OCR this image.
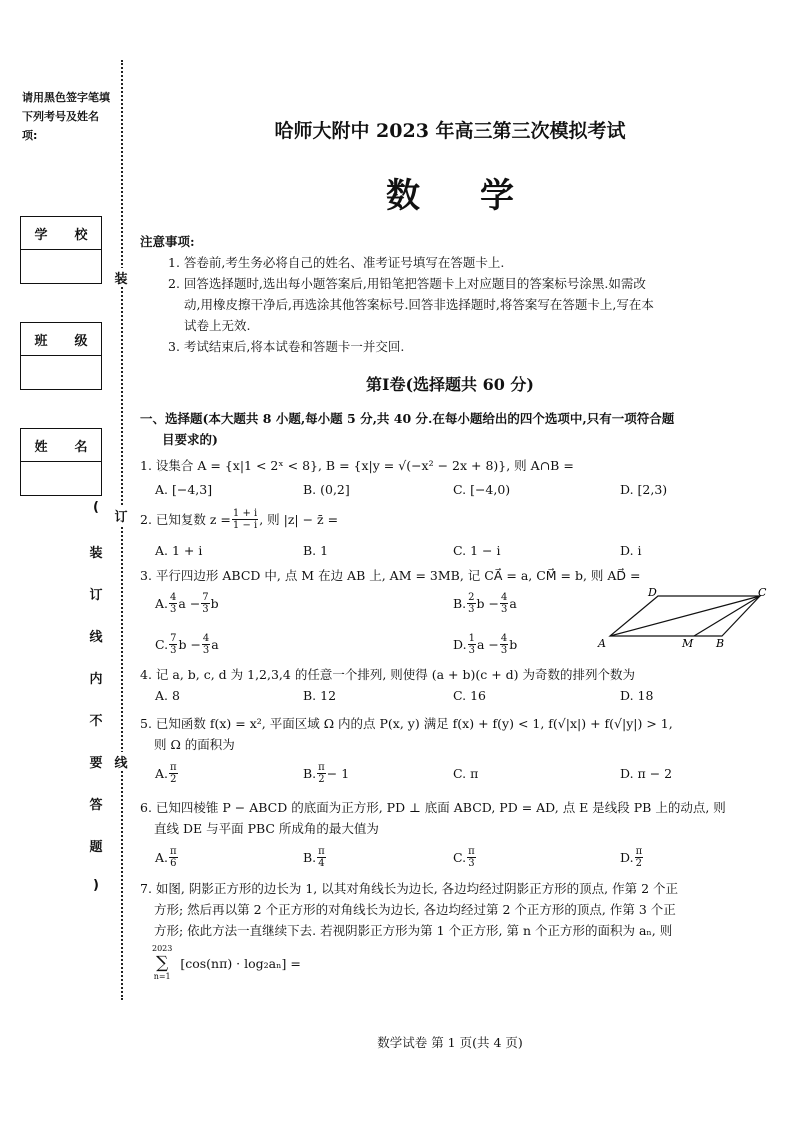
请用黑色签字笔填下列考号及姓名项:
学 校
班 级
姓 名
装
订
线
(
装
订
线
内
不
要
答
题
)
哈师大附中 2023 年高三第三次模拟考试
数学
注意事项:
1. 答卷前,考生务必将自己的姓名、准考证号填写在答题卡上.
2. 回答选择题时,选出每小题答案后,用铅笔把答题卡上对应题目的答案标号涂黑.如需改
动,用橡皮擦干净后,再选涂其他答案标号.回答非选择题时,将答案写在答题卡上,写在本
试卷上无效.
3. 考试结束后,将本试卷和答题卡一并交回.
第Ⅰ卷(选择题共 60 分)
一、选择题(本大题共 8 小题,每小题 5 分,共 40 分.在每小题给出的四个选项中,只有一项符合题
目要求的)
1. 设集合 A = {x|1 < 2ˣ < 8}, B = {x|y = √(−x² − 2x + 8)}, 则 A∩B =
A. [−4,3]	B. (0,2]	C. [−4,0)	D. [2,3)
2. 已知复数 $z = \frac{1 + i}{1 - i}$ , 则 |z| − z̄ =
A. 1 + i	B. 1	C. 1 − i	D. i
3. 平行四边形 ABCD 中, 点 M 在边 AB 上, AM = 3MB, 记 CA⃗ = a, CM⃗ = b, 则 AD⃗ =
A. $\frac{4}{3}$ $a - \frac{7}{3}$ b	B. $\frac{2}{3}$ $b - \frac{4}{3}$ a
C. $\frac{7}{3}$ $b - \frac{4}{3}$ a	D. $\frac{1}{3}$ $a - \frac{4}{3}$ b	A	B
C
D
M
4. 记 a, b, c, d 为 1,2,3,4 的任意一个排列, 则使得 (a + b)(c + d) 为奇数的排列个数为
A. 8	B. 12	C. 16	D. 18
5. 已知函数 f(x) = x², 平面区域 Ω 内的点 P(x, y) 满足 f(x) + f(y) < 1, f(√|x|) + f(√|y|) > 1,
则 Ω 的面积为
A. $\frac{\pi}{2}$	B. $\frac{\pi}{2} - 1$	C. π	D. π − 2
6. 已知四棱锥 P − ABCD 的底面为正方形, PD ⊥ 底面 ABCD, PD = AD, 点 E 是线段 PB 上的动点, 则
直线 DE 与平面 PBC 所成角的最大值为
A. $\frac{\pi}{6}$	B. $\frac{\pi}{4}$	C. $\frac{\pi}{3}$	D. $\frac{\pi}{2}$
7. 如图, 阴影正方形的边长为 1, 以其对角线长为边长, 各边均经过阴影正方形的顶点, 作第 2 个正
方形; 然后再以第 2 个正方形的对角线长为边长, 各边均经过第 2 个正方形的顶点, 作第 3 个正
方形; 依此方法一直继续下去. 若视阴影正方形为第 1 个正方形, 第 n 个正方形的面积为 aₙ, 则
2023
∑
n=1
[cos(nπ) · log₂aₙ] =
数学试卷 第 1 页(共 4 页)
